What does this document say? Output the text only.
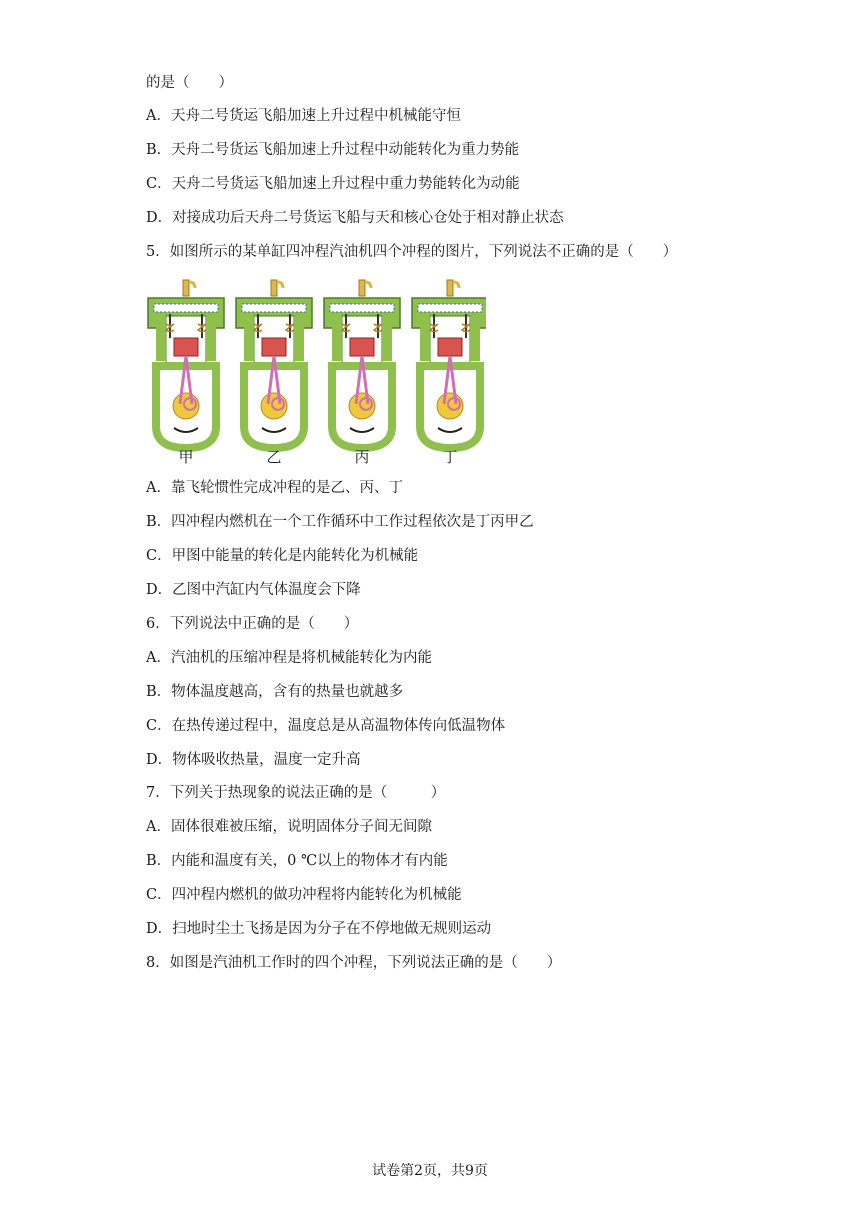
的是（　　）
A．天舟二号货运飞船加速上升过程中机械能守恒
B．天舟二号货运飞船加速上升过程中动能转化为重力势能
C．天舟二号货运飞船加速上升过程中重力势能转化为动能
D．对接成功后天舟二号货运飞船与天和核心仓处于相对静止状态
5．如图所示的某单缸四冲程汽油机四个冲程的图片，下列说法不正确的是（　　）
甲	乙	丙	丁
A．靠飞轮惯性完成冲程的是乙、丙、丁
B．四冲程内燃机在一个工作循环中工作过程依次是丁丙甲乙
C．甲图中能量的转化是内能转化为机械能
D．乙图中汽缸内气体温度会下降
6．下列说法中正确的是（　　）
A．汽油机的压缩冲程是将机械能转化为内能
B．物体温度越高，含有的热量也就越多
C．在热传递过程中，温度总是从高温物体传向低温物体
D．物体吸收热量，温度一定升高
7．下列关于热现象的说法正确的是（　　　）
A．固体很难被压缩，说明固体分子间无间隙
B．内能和温度有关，0 ℃以上的物体才有内能
C．四冲程内燃机的做功冲程将内能转化为机械能
D．扫地时尘土飞扬是因为分子在不停地做无规则运动
8．如图是汽油机工作时的四个冲程，下列说法正确的是（　　）
试卷第2页，共9页
